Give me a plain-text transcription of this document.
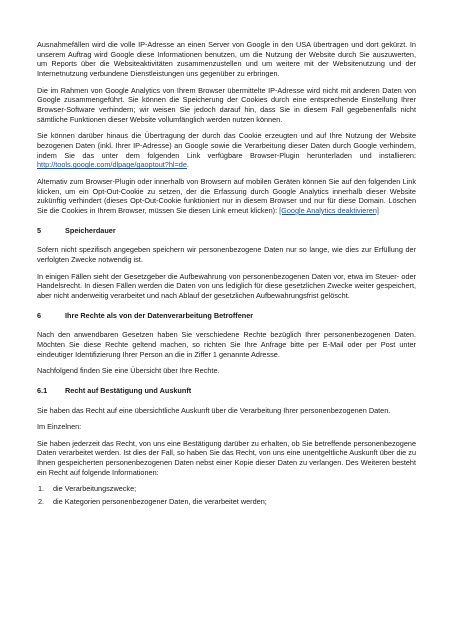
Ausnahmefällen wird die volle IP-Adresse an einen Server von Google in den USA übertragen und dort gekürzt. In unserem Auftrag wird Google diese Informationen benutzen, um die Nutzung der Website durch Sie auszuwerten, um Reports über die Websiteaktivitäten zusammenzustellen und um weitere mit der Websitenutzung und der Internetnutzung verbundene Dienstleistungen uns gegenüber zu erbringen.

Die im Rahmen von Google Analytics von Ihrem Browser übermittelte IP-Adresse wird nicht mit anderen Daten von Google zusammengeführt. Sie können die Speicherung der Cookies durch eine entsprechende Einstellung Ihrer Browser-Software verhindern; wir weisen Sie jedoch darauf hin, dass Sie in diesem Fall gegebenenfalls nicht sämtliche Funktionen dieser Website vollumfänglich werden nutzen können.

Sie können darüber hinaus die Übertragung der durch das Cookie erzeugten und auf Ihre Nutzung der Website bezogenen Daten (inkl. Ihrer IP-Adresse) an Google sowie die Verarbeitung dieser Daten durch Google verhindern, indem Sie das unter dem folgenden Link verfügbare Browser-Plugin herunterladen und installieren: http://tools.google.com/dlpage/gaoptout?hl=de.

Alternativ zum Browser-Plugin oder innerhalb von Browsern auf mobilen Geräten können Sie auf den folgenden Link klicken, um ein Opt-Out-Cookie zu setzen, der die Erfassung durch Google Analytics innerhalb dieser Website zukünftig verhindert (dieses Opt-Out-Cookie funktioniert nur in diesem Browser und nur für diese Domain. Löschen Sie die Cookies in Ihrem Browser, müssen Sie diesen Link erneut klicken): [Google Analytics deaktivieren]

5	Speicherdauer

Sofern nicht spezifisch angegeben speichern wir personenbezogene Daten nur so lange, wie dies zur Erfüllung der verfolgten Zwecke notwendig ist.

In einigen Fällen sieht der Gesetzgeber die Aufbewahrung von personenbezogenen Daten vor, etwa im Steuer- oder Handelsrecht. In diesen Fällen werden die Daten von uns lediglich für diese gesetzlichen Zwecke weiter gespeichert, aber nicht anderweitig verarbeitet und nach Ablauf der gesetzlichen Aufbewahrungsfrist gelöscht.

6	Ihre Rechte als von der Datenverarbeitung Betroffener

Nach den anwendbaren Gesetzen haben Sie verschiedene Rechte bezüglich Ihrer personenbezogenen Daten. Möchten Sie diese Rechte geltend machen, so richten Sie Ihre Anfrage bitte per E-Mail oder per Post unter eindeutiger Identifizierung Ihrer Person an die in Ziffer 1 genannte Adresse.

Nachfolgend finden Sie eine Übersicht über Ihre Rechte.

6.1	Recht auf Bestätigung und Auskunft

Sie haben das Recht auf eine übersichtliche Auskunft über die Verarbeitung Ihrer personenbezogenen Daten.

Im Einzelnen:

Sie haben jederzeit das Recht, von uns eine Bestätigung darüber zu erhalten, ob Sie betreffende personenbezogene Daten verarbeitet werden. Ist dies der Fall, so haben Sie das Recht, von uns eine unentgeltliche Auskunft über die zu Ihnen gespeicherten personenbezogenen Daten nebst einer Kopie dieser Daten zu verlangen. Des Weiteren besteht ein Recht auf folgende Informationen:

1.	die Verarbeitungszwecke;
2.	die Kategorien personenbezogener Daten, die verarbeitet werden;
